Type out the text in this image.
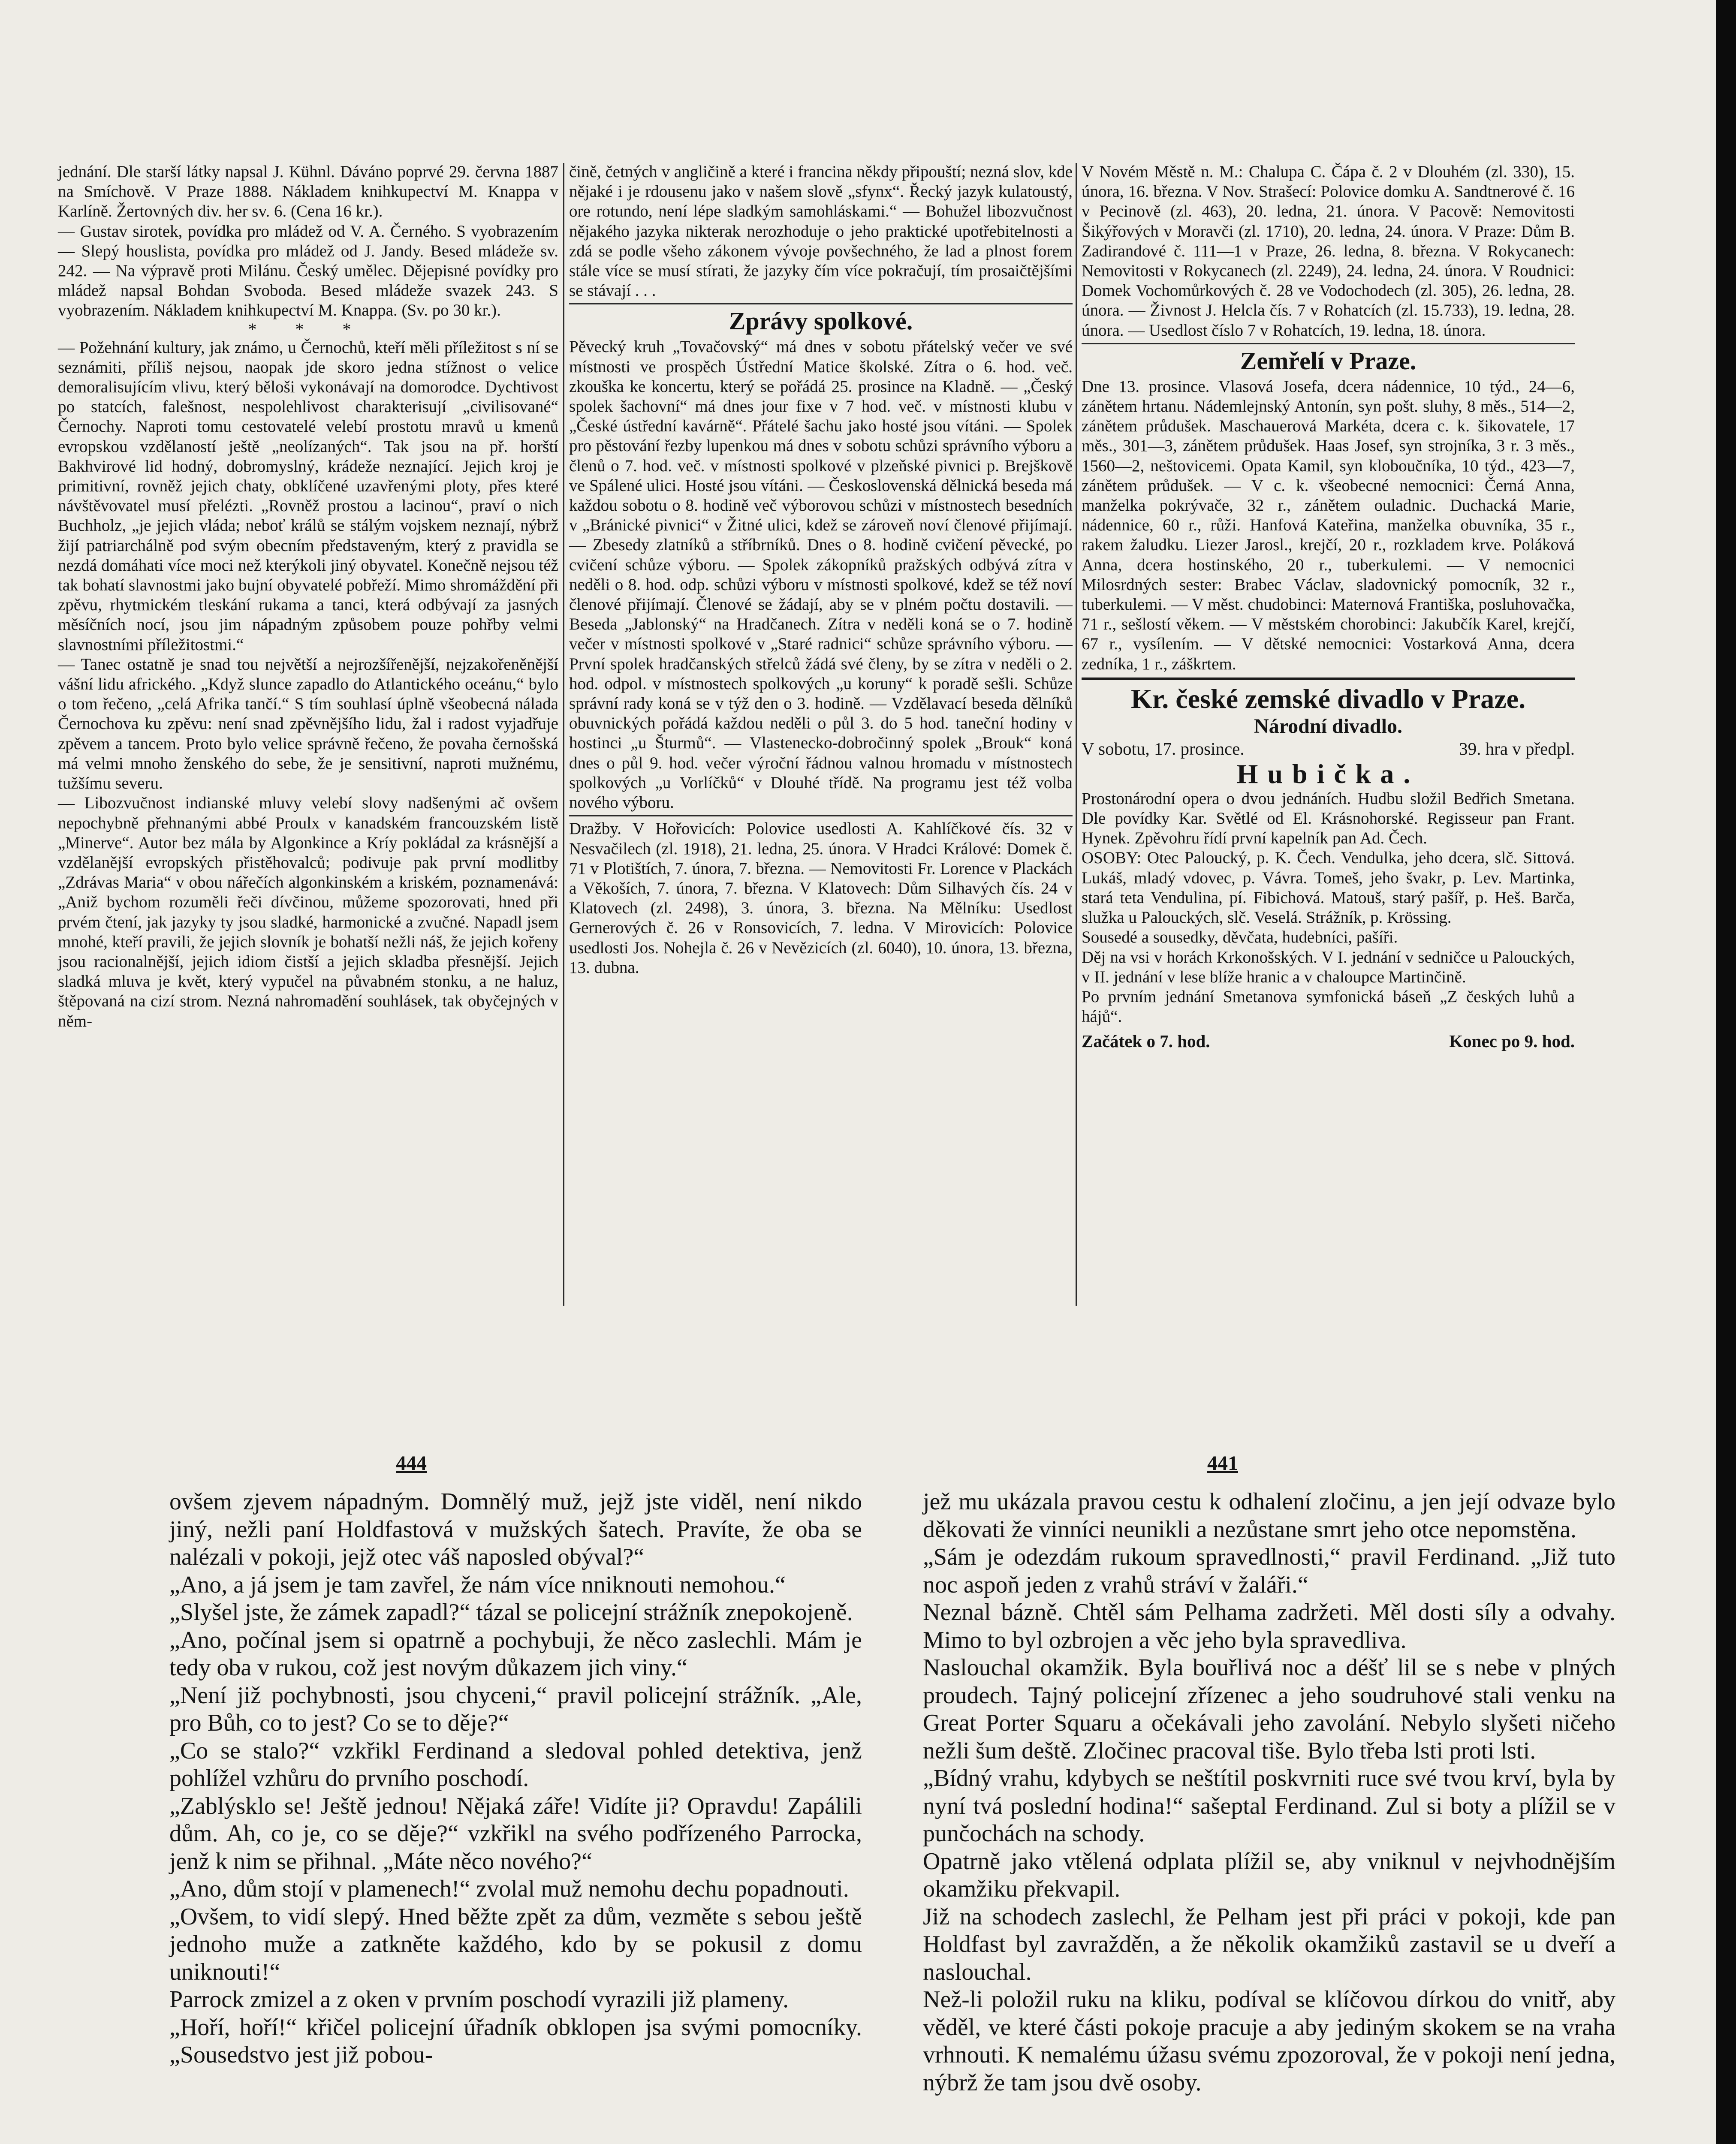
jednání. Dle starší látky napsal J. Kühnl. Dáváno poprvé 29. června 1887 na Smíchově. V Praze 1888. Nákladem knihkupectví M. Knappa v Karlíně. Žertovných div. her sv. 6. (Cena 16 kr.).
— Gustav sirotek, povídka pro mládež od V. A. Černého. S vyobrazením — Slepý houslista, povídka pro mládež od J. Jandy. Besed mládeže sv. 242. — Na výpravě proti Milánu. Český umělec. Dějepisné povídky pro mládež napsal Bohdan Svoboda. Besed mládeže svazek 243. S vyobrazením. Nákladem knihkupectví M. Knappa. (Sv. po 30 kr.).

* * *

— Požehnání kultury, jak známo, u Černochů, kteří měli příležitost s ní se seznámiti, příliš nejsou, naopak jde skoro jedna stížnost o velice demoralisujícím vlivu, který běloši vykonávají na domorodce. Dychtivost po statcích, falešnost, nespolehlivost charakterisují „civilisované“ Černochy. Naproti tomu cestovatelé velebí prostotu mravů u kmenů evropskou vzdělaností ještě „neolízaných“. Tak jsou na př. horští Bakhvirové lid hodný, dobromyslný, krádeže neznající. Jejich kroj je primitivní, rovněž jejich chaty, obklíčené uzavřenými ploty, přes které návštěvovatel musí přelézti. „Rovněž prostou a lacinou“, praví o nich Buchholz, „je jejich vláda; neboť králů se stálým vojskem neznají, nýbrž žijí patriarchálně pod svým obecním představeným, který z pravidla se nezdá domáhati více moci než kterýkoli jiný obyvatel. Konečně nejsou též tak bohatí slavnostmi jako bujní obyvatelé pobřeží. Mimo shromáždění při zpěvu, rhytmickém tleskání rukama a tanci, která odbývají za jasných měsíčních nocí, jsou jim nápadným způsobem pouze pohřby velmi slavnostními příležitostmi.“
— Tanec ostatně je snad tou největší a nejrozšířenější, nejzakořeněnější vášní lidu afrického. „Když slunce zapadlo do Atlantického oceánu,“ bylo o tom řečeno, „celá Afrika tančí.“ S tím souhlasí úplně všeobecná nálada Černochova ku zpěvu: není snad zpěvnějšího lidu, žal i radost vyjadřuje zpěvem a tancem. Proto bylo velice správně řečeno, že povaha černošská má velmi mnoho ženského do sebe, že je sensitivní, naproti mužnému, tužšímu severu.
— Libozvučnost indianské mluvy velebí slovy nadšenými ač ovšem nepochybně přehnanými abbé Proulx v kanadském francouzském listě „Minerve“. Autor bez mála by Algonkince a Kríy pokládal za krásnější a vzdělanější evropských přistěhovalců; podivuje pak první modlitby „Zdrávas Maria“ v obou nářečích algonkinském a kriském, poznamenává: „Aniž bychom rozuměli řeči dívčinou, můžeme spozorovati, hned při prvém čtení, jak jazyky ty jsou sladké, harmonické a zvučné. Napadl jsem mnohé, kteří pravili, že jejich slovník je bohatší nežli náš, že jejich kořeny jsou racionalnější, jejich idiom čistší a jejich skladba přesnější. Jejich sladká mluva je květ, který vypučel na půvabném stonku, a ne haluz, štěpovaná na cizí strom. Nezná nahromadění souhlásek, tak obyčejných v něm-

čině, četných v angličině a které i francina někdy připouští; nezná slov, kde nějaké i je rdousenu jako v našem slově „sfynx“. Řecký jazyk kulatoustý, ore rotundo, není lépe sladkým samohláskami.“ — Bohužel libozvučnost nějakého jazyka nikterak nerozhoduje o jeho praktické upotřebitelnosti a zdá se podle všeho zákonem vývoje povšechného, že lad a plnost forem stále více se musí stírati, že jazyky čím více pokračují, tím prosaičtějšími se stávají . . .

Zprávy spolkové.

Pěvecký kruh „Tovačovský“ má dnes v sobotu přátelský večer ve své místnosti ve prospěch Ústřední Matice školské. Zítra o 6. hod. več. zkouška ke koncertu, který se pořádá 25. prosince na Kladně. — „Český spolek šachovní“ má dnes jour fixe v 7 hod. več. v místnosti klubu v „České ústřední kavárně“. Přátelé šachu jako hosté jsou vítáni. — Spolek pro pěstování řezby lupenkou má dnes v sobotu schůzi správního výboru a členů o 7. hod. več. v místnosti spolkové v plzeňské pivnici p. Brejškově ve Spálené ulici. Hosté jsou vítáni. — Československá dělnická beseda má každou sobotu o 8. hodině več výborovou schůzi v místnostech besedních v „Bránické pivnici“ v Žitné ulici, kdež se zároveň noví členové přijímají. — Zbesedy zlatníků a stříbrníků. Dnes o 8. hodině cvičení pěvecké, po cvičení schůze výboru. — Spolek zákopníků pražských odbývá zítra v neděli o 8. hod. odp. schůzi výboru v místnosti spolkové, kdež se též noví členové přijímají. Členové se žádají, aby se v plném počtu dostavili. — Beseda „Jablonský“ na Hradčanech. Zítra v neděli koná se o 7. hodině večer v místnosti spolkové v „Staré radnici“ schůze správního výboru. — První spolek hradčanských střelců žádá své členy, by se zítra v neděli o 2. hod. odpol. v místnostech spolkových „u koruny“ k poradě sešli. Schůze správní rady koná se v týž den o 3. hodině. — Vzdělavací beseda dělníků obuvnických pořádá každou neděli o půl 3. do 5 hod. taneční hodiny v hostinci „u Šturmů“. — Vlastenecko-dobročinný spolek „Brouk“ koná dnes o půl 9. hod. večer výroční řádnou valnou hromadu v místnostech spolkových „u Vorlíčků“ v Dlouhé třídě. Na programu jest též volba nového výboru.

Dražby. V Hořovicích: Polovice usedlosti A. Kahlíčkové čís. 32 v Nesvačilech (zl. 1918), 21. ledna, 25. února. V Hradci Králové: Domek č. 71 v Plotištích, 7. února, 7. března. — Nemovitosti Fr. Lorence v Plackách a Věkoších, 7. února, 7. března. V Klatovech: Dům Silhavých čís. 24 v Klatovech (zl. 2498), 3. února, 3. března. Na Mělníku: Usedlost Gernerových č. 26 v Ronsovicích, 7. ledna. V Mirovicích: Polovice usedlosti Jos. Nohejla č. 26 v Nevězicích (zl. 6040), 10. února, 13. března, 13. dubna.

V Novém Městě n. M.: Chalupa C. Čápa č. 2 v Dlouhém (zl. 330), 15. února, 16. března. V Nov. Strašecí: Polovice domku A. Sandtnerové č. 16 v Pecinově (zl. 463), 20. ledna, 21. února. V Pacově: Nemovitosti Šikýřových v Moravči (zl. 1710), 20. ledna, 24. února. V Praze: Dům B. Zadirandové č. 111—1 v Praze, 26. ledna, 8. března. V Rokycanech: Nemovitosti v Rokycanech (zl. 2249), 24. ledna, 24. února. V Roudnici: Domek Vochomůrkových č. 28 ve Vodochodech (zl. 305), 26. ledna, 28. února. — Živnost J. Helcla čís. 7 v Rohatcích (zl. 15.733), 19. ledna, 28. února. — Usedlost číslo 7 v Rohatcích, 19. ledna, 18. února.

Zemřelí v Praze.

Dne 13. prosince. Vlasová Josefa, dcera nádennice, 10 týd., 24—6, zánětem hrtanu. Nádemlejnský Antonín, syn pošt. sluhy, 8 měs., 514—2, zánětem průdušek. Maschauerová Markéta, dcera c. k. šikovatele, 17 měs., 301—3, zánětem průdušek. Haas Josef, syn strojníka, 3 r. 3 měs., 1560—2, neštovicemi. Opata Kamil, syn kloboučníka, 10 týd., 423—7, zánětem průdušek. — V c. k. všeobecné nemocnici: Černá Anna, manželka pokrývače, 32 r., zánětem ouladnic. Duchacká Marie, nádennice, 60 r., růži. Hanfová Kateřina, manželka obuvníka, 35 r., rakem žaludku. Liezer Jarosl., krejčí, 20 r., rozkladem krve. Poláková Anna, dcera hostinského, 20 r., tuberkulemi. — V nemocnici Milosrdných sester: Brabec Václav, sladovnický pomocník, 32 r., tuberkulemi. — V měst. chudobinci: Maternová Františka, posluhovačka, 71 r., sešlostí věkem. — V městském chorobinci: Jakubčík Karel, krejčí, 67 r., vysílením. — V dětské nemocnici: Vostarková Anna, dcera zedníka, 1 r., záškrtem.

Kr. české zemské divadlo v Praze.
Národní divadlo.
V sobotu, 17. prosince.	39. hra v předpl.
Hubička.

Prostonárodní opera o dvou jednáních. Hudbu složil Bedřich Smetana. Dle povídky Kar. Světlé od El. Krásnohorské. Regisseur pan Frant. Hynek. Zpěvohru řídí první kapelník pan Ad. Čech.
OSOBY: Otec Paloucký, p. K. Čech. Vendulka, jeho dcera, slč. Sittová. Lukáš, mladý vdovec, p. Vávra. Tomeš, jeho švakr, p. Lev. Martinka, stará teta Vendulina, pí. Fibichová. Matouš, starý pašíř, p. Heš. Barča, služka u Palouckých, slč. Veselá. Strážník, p. Krössing.
Sousedé a sousedky, děvčata, hudebníci, pašíři.
Děj na vsi v horách Krkonošských. V I. jednání v sedničce u Palouckých, v II. jednání v lese blíže hranic a v chaloupce Martinčině.
Po prvním jednání Smetanova symfonická báseň „Z českých luhů a hájů“.

Začátek o 7. hod.	Konec po 9. hod.
444	441

ovšem zjevem nápadným. Domnělý muž, jejž jste viděl, není nikdo jiný, nežli paní Holdfastová v mužských šatech. Pravíte, že oba se nalézali v pokoji, jejž otec váš naposled obýval?“
„Ano, a já jsem je tam zavřel, že nám více nniknouti nemohou.“
„Slyšel jste, že zámek zapadl?“ tázal se policejní strážník znepokojeně.
„Ano, počínal jsem si opatrně a pochybuji, že něco zaslechli. Mám je tedy oba v rukou, což jest novým důkazem jich viny.“
„Není již pochybnosti, jsou chyceni,“ pravil policejní strážník. „Ale, pro Bůh, co to jest? Co se to děje?“
„Co se stalo?“ vzkřikl Ferdinand a sledoval pohled detektiva, jenž pohlížel vzhůru do prvního poschodí.
„Zablýsklo se! Ještě jednou! Nějaká záře! Vidíte ji? Opravdu! Zapálili dům. Ah, co je, co se děje?“ vzkřikl na svého podřízeného Parrocka, jenž k nim se přihnal. „Máte něco nového?“
„Ano, dům stojí v plamenech!“ zvolal muž nemohu dechu popadnouti.
„Ovšem, to vidí slepý. Hned běžte zpět za dům, vezměte s sebou ještě jednoho muže a zatkněte každého, kdo by se pokusil z domu uniknouti!“
Parrock zmizel a z oken v prvním poschodí vyrazili již plameny.
„Hoří, hoří!“ křičel policejní úřadník obklopen jsa svými pomocníky. „Sousedstvo jest již pobou-

jež mu ukázala pravou cestu k odhalení zločinu, a jen její odvaze bylo děkovati že vinníci neunikli a nezůstane smrt jeho otce nepomstěna.
„Sám je odezdám rukoum spravedlnosti,“ pravil Ferdinand. „Již tuto noc aspoň jeden z vrahů stráví v žaláři.“
Neznal bázně. Chtěl sám Pelhama zadržeti. Měl dosti síly a odvahy. Mimo to byl ozbrojen a věc jeho byla spravedliva.
Naslouchal okamžik. Byla bouřlivá noc a déšť lil se s nebe v plných proudech. Tajný policejní zřízenec a jeho soudruhové stali venku na Great Porter Squaru a očekávali jeho zavolání. Nebylo slyšeti ničeho nežli šum deště. Zločinec pracoval tiše. Bylo třeba lsti proti lsti.
„Bídný vrahu, kdybych se neštítil poskvrniti ruce své tvou krví, byla by nyní tvá poslední hodina!“ sašeptal Ferdinand. Zul si boty a plížil se v punčochách na schody.
Opatrně jako vtělená odplata plížil se, aby vniknul v nejvhodnějším okamžiku překvapil.
Již na schodech zaslechl, že Pelham jest při práci v pokoji, kde pan Holdfast byl zavražděn, a že několik okamžiků zastavil se u dveří a naslouchal.
Než-li položil ruku na kliku, podíval se klíčovou dírkou do vnitř, aby věděl, ve které části pokoje pracuje a aby jediným skokem se na vraha vrhnouti. K nemalému úžasu svému zpozoroval, že v pokoji není jedna, nýbrž že tam jsou dvě osoby.
